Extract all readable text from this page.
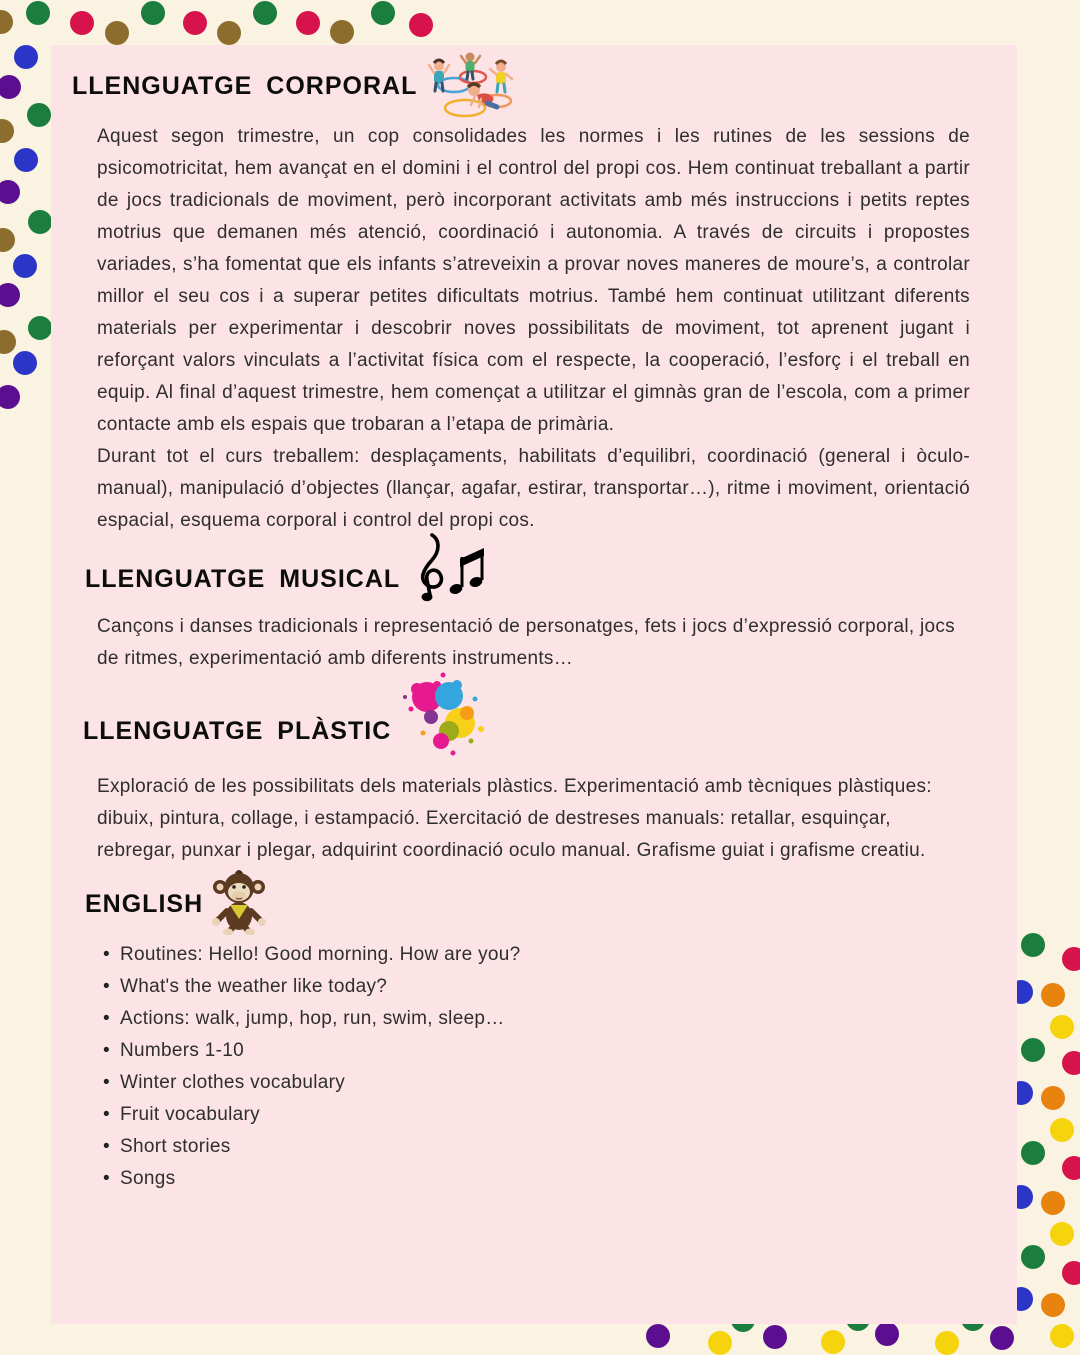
LLENGUATGE CORPORAL

Aquest segon trimestre, un cop consolidades les normes i les rutines de les sessions de psicomotricitat, hem avançat en el domini i el control del propi cos. Hem continuat treballant a partir de jocs tradicionals de moviment, però incorporant activitats amb més instruccions i petits reptes motrius que demanen més atenció, coordinació i autonomia. A través de circuits i propostes variades, s’ha fomentat que els infants s’atreveixin a provar noves maneres de moure’s, a controlar millor el seu cos i a superar petites dificultats motrius. També hem continuat utilitzant diferents materials per experimentar i descobrir noves possibilitats de moviment, tot aprenent jugant i reforçant valors vinculats a l’activitat física com el respecte, la cooperació, l’esforç i el treball en equip. Al final d’aquest trimestre, hem començat a utilitzar el gimnàs gran de l’escola, com a primer contacte amb els espais que trobaran a l’etapa de primària.

Durant tot el curs treballem: desplaçaments, habilitats d’equilibri, coordinació (general i òculo-manual), manipulació d’objectes (llançar, agafar, estirar, transportar…), ritme i moviment, orientació espacial, esquema corporal i control del propi cos.

LLENGUATGE MUSICAL

Cançons i danses tradicionals i representació de personatges, fets i jocs d’expressió corporal, jocs de ritmes, experimentació amb diferents instruments…

LLENGUATGE PLÀSTIC

Exploració de les possibilitats dels materials plàstics. Experimentació amb tècniques plàstiques: dibuix, pintura, collage, i estampació. Exercitació de destreses manuals: retallar, esquinçar, rebregar, punxar i plegar, adquirint coordinació oculo manual. Grafisme guiat i grafisme creatiu.

ENGLISH
• Routines: Hello! Good morning. How are you?
• What's the weather like today?
• Actions: walk, jump, hop, run, swim, sleep…
• Numbers 1-10
• Winter clothes vocabulary
• Fruit vocabulary
• Short stories
• Songs
